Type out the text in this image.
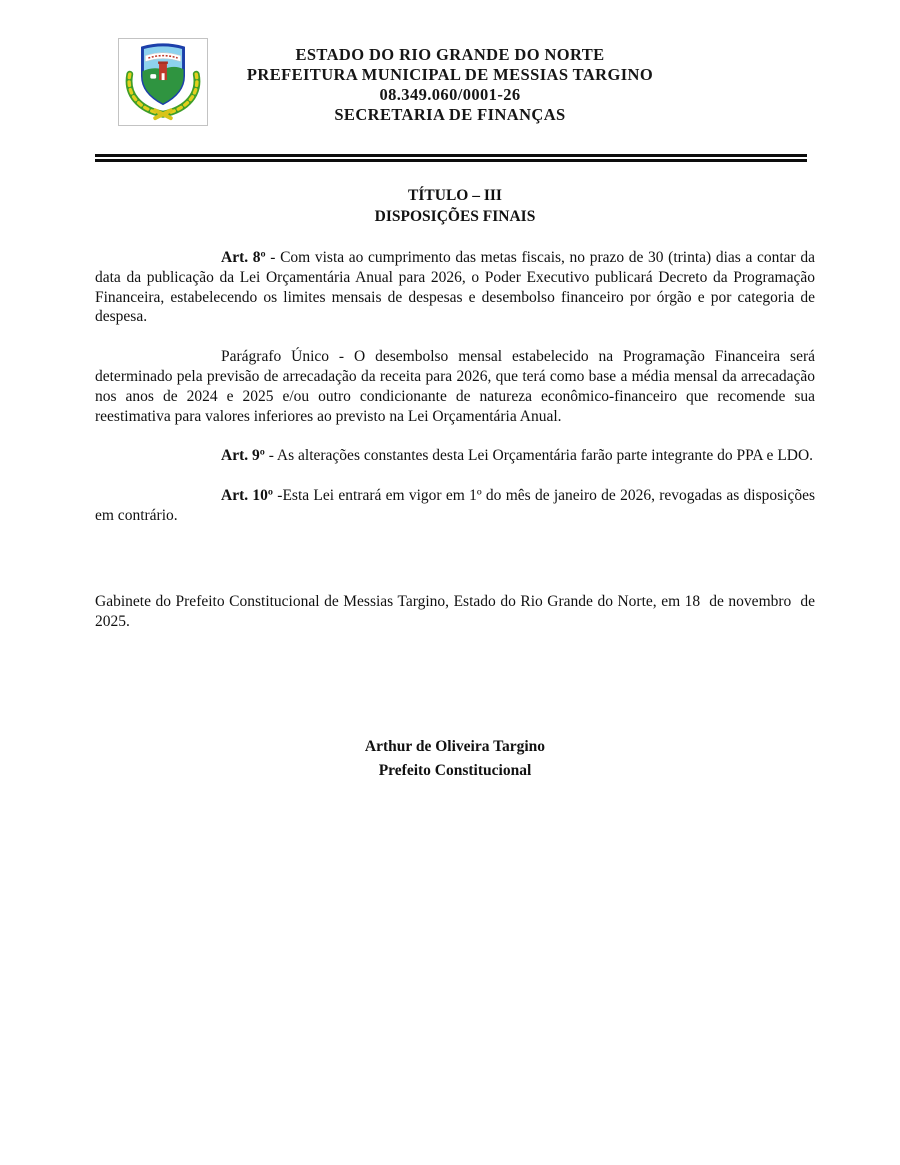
ESTADO DO RIO GRANDE DO NORTE
PREFEITURA MUNICIPAL DE MESSIAS TARGINO
08.349.060/0001-26
SECRETARIA DE FINANÇAS
TÍTULO – III
DISPOSIÇÕES FINAIS

Art. 8º - Com vista ao cumprimento das metas fiscais, no prazo de 30 (trinta) dias a contar da data da publicação da Lei Orçamentária Anual para 2026, o Poder Executivo publicará Decreto da Programação Financeira, estabelecendo os limites mensais de despesas e desembolso financeiro por órgão e por categoria de despesa.

Parágrafo Único - O desembolso mensal estabelecido na Programação Financeira será determinado pela previsão de arrecadação da receita para 2026, que terá como base a média mensal da arrecadação nos anos de 2024 e 2025 e/ou outro condicionante de natureza econômico-financeiro que recomende sua reestimativa para valores inferiores ao previsto na Lei Orçamentária Anual.

Art. 9º - As alterações constantes desta Lei Orçamentária farão parte integrante do PPA e LDO.

Art. 10º -Esta Lei entrará em vigor em 1º do mês de janeiro de 2026, revogadas as disposições em contrário.

Gabinete do Prefeito Constitucional de Messias Targino, Estado do Rio Grande do Norte, em 18  de novembro  de 2025.

Arthur de Oliveira Targino
Prefeito Constitucional
